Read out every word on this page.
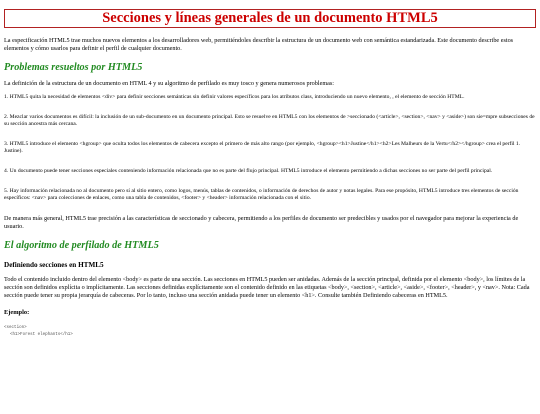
Secciones y líneas generales de un documento HTML5

La especificación HTML5 trae muchos nuevos elementos a los desarrolladores web, permitiéndoles describir la estructura de un documento web con semántica estandarizada. Este documento describe estos elementos y cómo usarlos para definir el perfil de cualquier documento.

Problemas resueltos por HTML5

La definición de la estructura de un documento en HTML 4 y su algoritmo de perfilado es muy tosco y genera numerosos problemas:

1. HTML5 quita la necesidad de elementos <div> para definir secciones semánticas sin definir valores específicos para los atributos class, introduciendo un nuevo elemento, , el elemento de sección HTML.
2. Mezclar varios documentos es difícil: la inclusión de un sub-documento en un documento principal. Esto se resuelve en HTML5 con los elementos de >seccionado (<article>, <section>, <nav> y <aside>) son sie=mpre subsecciones de su sección ancestra más cercana.
3. HTML5 introduce el elemento <hgroup> que oculta todos los elementos de cabecera excepto el primero de más alto rango (por ejemplo, <hgroup><h1>Justine</h1><h2>Les Malheurs de la Vertu</h2></hgroup> crea el perfil 1. Justine).
4. Un documento puede tener secciones especiales conteniendo información relacionada que no es parte del flujo principal. HTML5 introduce el elemento permitiendo a dichas secciones no ser parte del perfil principal.
5. Hay información relacionada no al documento pero sí al sitio entero, como logos, menús, tablas de contenidos, o información de derechos de autor y notas legales. Para ese propósito, HTML5 introduce tres elementos de sección específicos: <nav> para colecciones de enlaces, como una tabla de contenidos, <footer> y <header> información relacionada con el sitio.

De manera más general, HTML5 trae precisión a las características de seccionado y cabecera, permitiendo a los perfiles de documento ser predecibles y usados por el navegador para mejorar la experiencia de usuario.

El algoritmo de perfilado de HTML5
Definiendo secciones en HTML5

Todo el contenido incluido dentro del elemento <body> es parte de una sección. Las secciones en HTML5 pueden ser anidadas. Además de la sección principal, definida por el elemento <body>, los límites de la sección son definidos explícita o implícitamente. Las secciones definidas explícitamente son el contenido definido en las etiquetas <body>, <section>, <article>, <aside>, <footer>, <header>, y <nav>. Nota: Cada sección puede tener su propia jerarquía de cabeceras. Por lo tanto, incluso una sección anidada puede tener un elemento <h1>. Consulte también Definiendo cabeceras en HTML5.

Ejemplo:
<section>
<h1>Forest elephants</h1>
